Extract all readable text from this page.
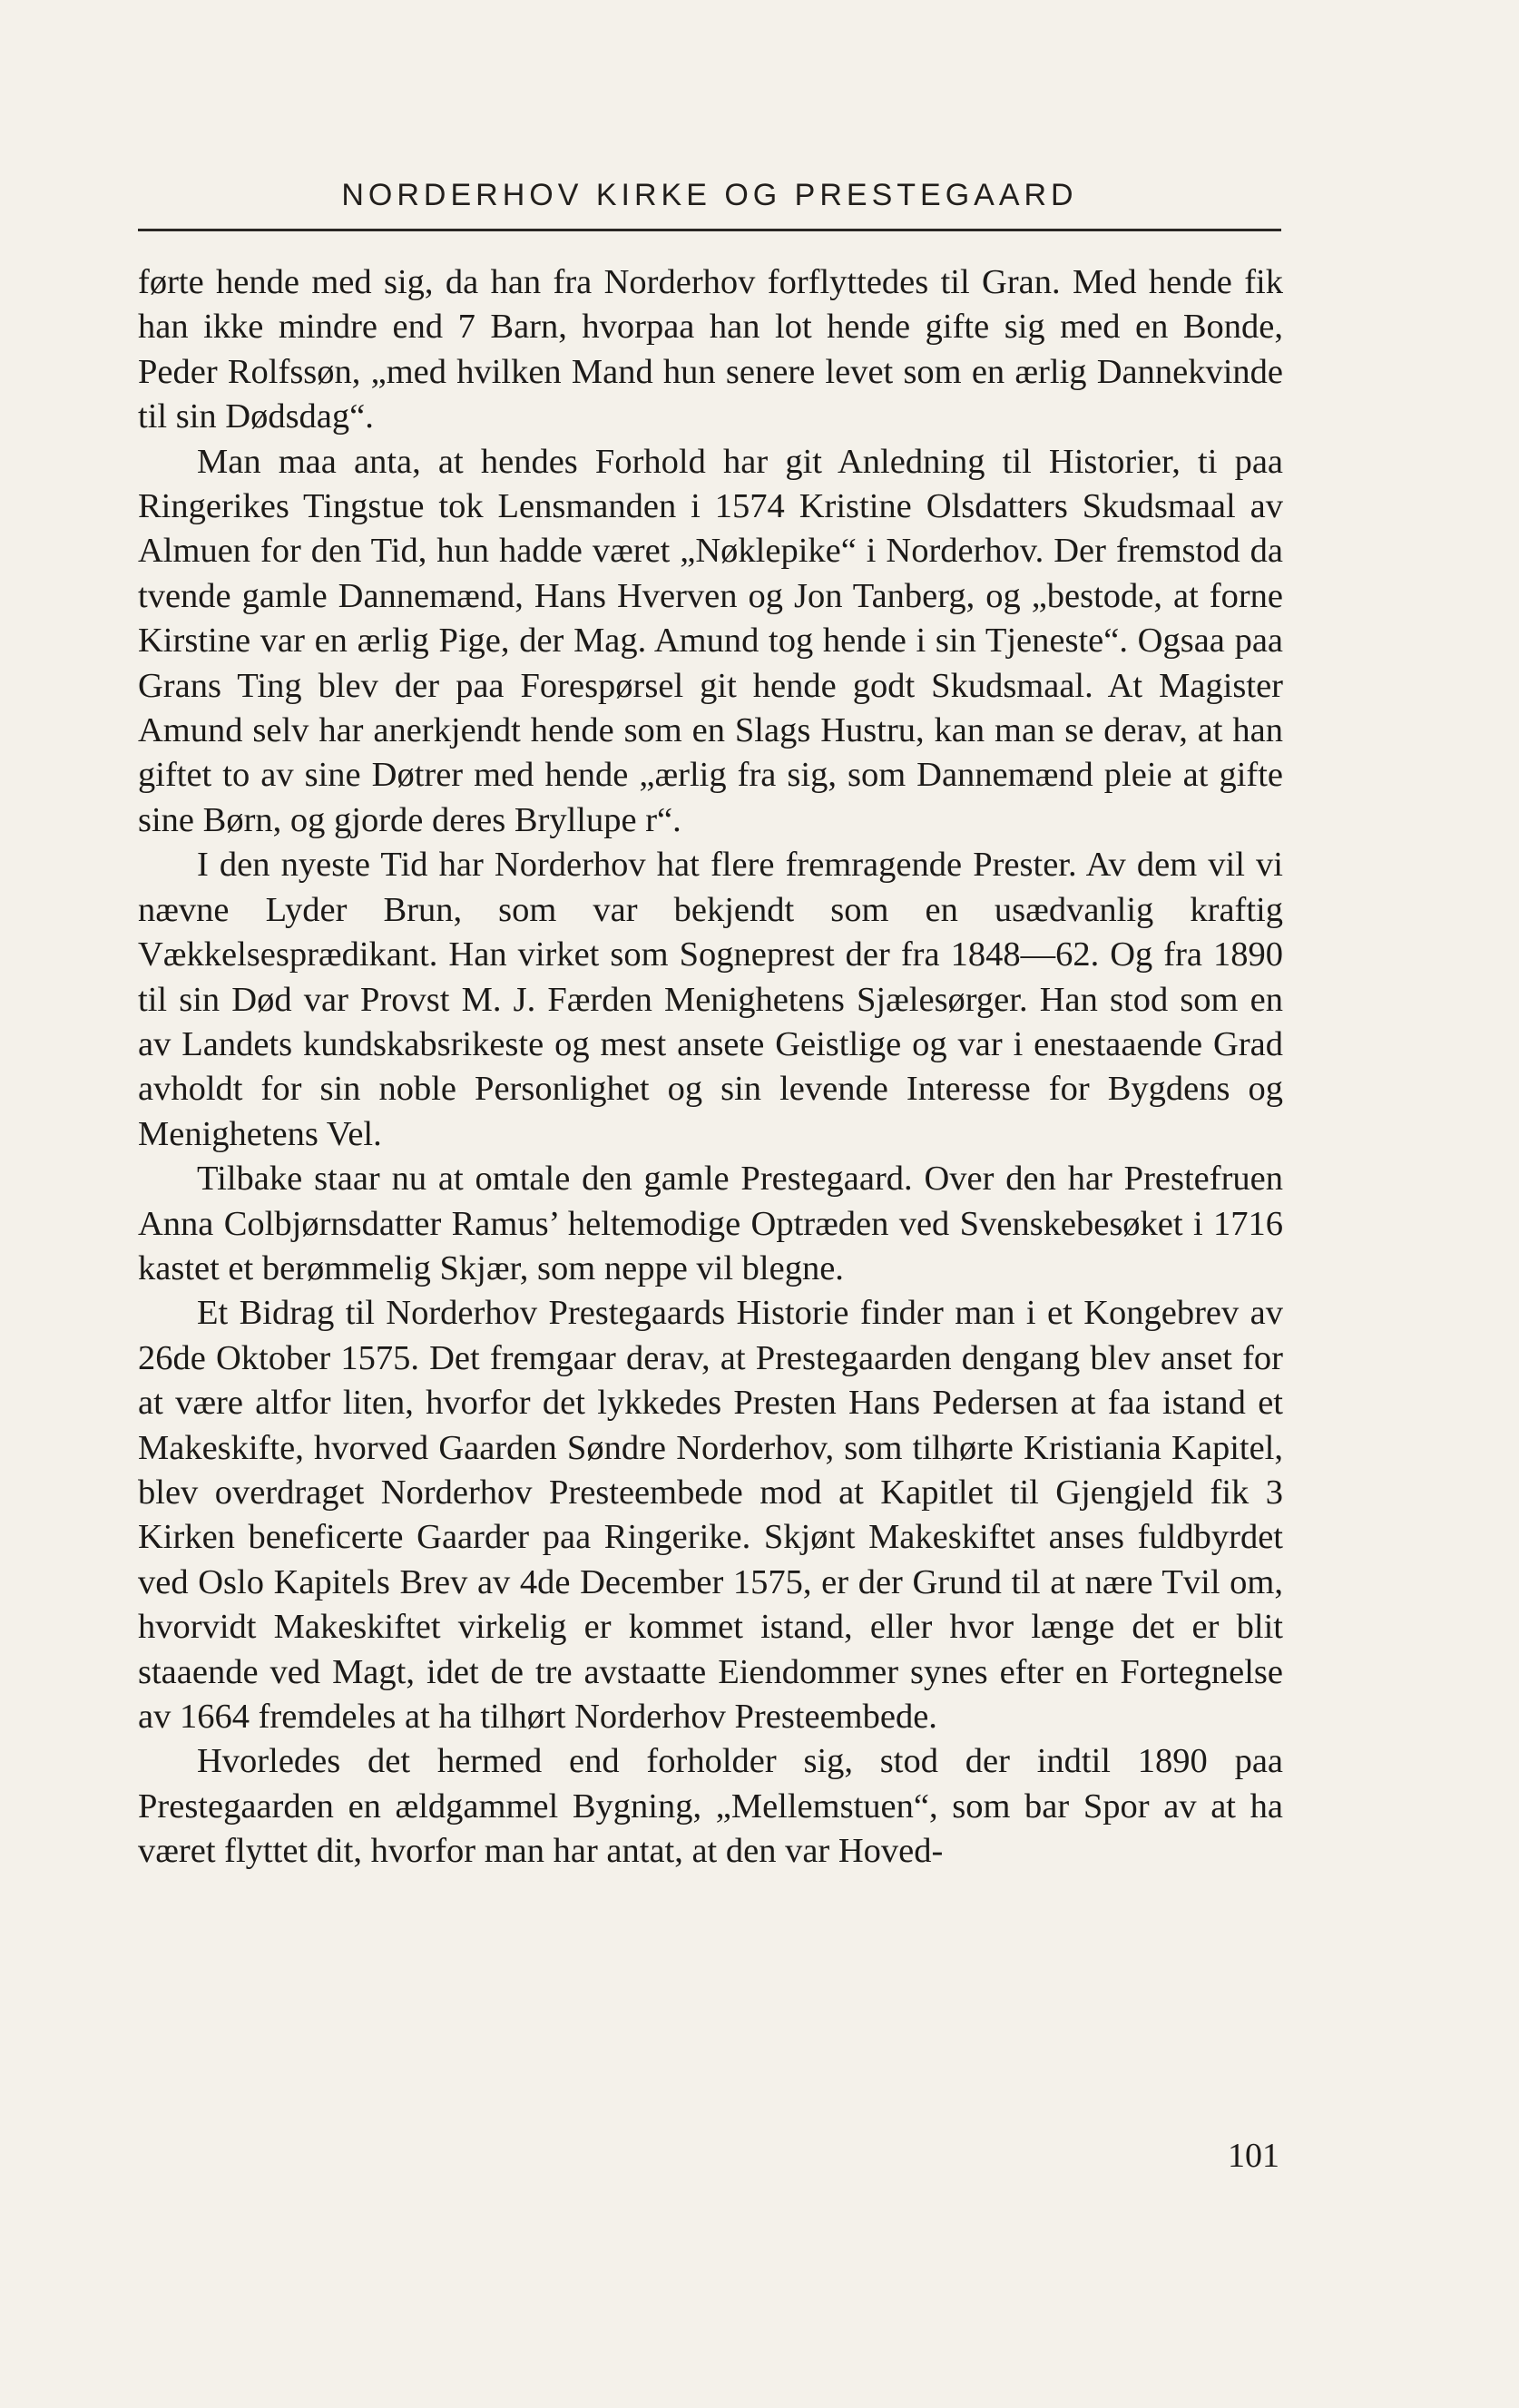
NORDERHOV KIRKE OG PRESTEGAARD

førte hende med sig, da han fra Norderhov forflyttedes til Gran. Med hende fik han ikke mindre end 7 Barn, hvorpaa han lot hende gifte sig med en Bonde, Peder Rolfssøn, „med hvilken Mand hun senere levet som en ærlig Dannekvinde til sin Dødsdag“.

Man maa anta, at hendes Forhold har git Anledning til Historier, ti paa Ringerikes Tingstue tok Lensmanden i 1574 Kristine Olsdatters Skudsmaal av Almuen for den Tid, hun hadde været „Nøklepike“ i Norderhov. Der fremstod da tvende gamle Dannemænd, Hans Hverven og Jon Tanberg, og „bestode, at forne Kirstine var en ærlig Pige, der Mag. Amund tog hende i sin Tjeneste“. Ogsaa paa Grans Ting blev der paa Forespørsel git hende godt Skudsmaal. At Magister Amund selv har anerkjendt hende som en Slags Hustru, kan man se derav, at han giftet to av sine Døtrer med hende „ærlig fra sig, som Dannemænd pleie at gifte sine Børn, og gjorde deres Bryllupe r“.

I den nyeste Tid har Norderhov hat flere fremragende Prester. Av dem vil vi nævne Lyder Brun, som var bekjendt som en usædvanlig kraftig Vækkelsesprædikant. Han virket som Sogneprest der fra 1848—62. Og fra 1890 til sin Død var Provst M. J. Færden Menighetens Sjælesørger. Han stod som en av Landets kundskabsrikeste og mest ansete Geistlige og var i enestaaende Grad avholdt for sin noble Personlighet og sin levende Interesse for Bygdens og Menighetens Vel.

Tilbake staar nu at omtale den gamle Prestegaard. Over den har Prestefruen Anna Colbjørnsdatter Ramus’ heltemodige Optræden ved Svenskebesøket i 1716 kastet et berømmelig Skjær, som neppe vil blegne.

Et Bidrag til Norderhov Prestegaards Historie finder man i et Kongebrev av 26de Oktober 1575. Det fremgaar derav, at Prestegaarden dengang blev anset for at være altfor liten, hvorfor det lykkedes Presten Hans Pedersen at faa istand et Makeskifte, hvorved Gaarden Søndre Norderhov, som tilhørte Kristiania Kapitel, blev overdraget Norderhov Presteembede mod at Kapitlet til Gjengjeld fik 3 Kirken beneficerte Gaarder paa Ringerike. Skjønt Makeskiftet anses fuldbyrdet ved Oslo Kapitels Brev av 4de December 1575, er der Grund til at nære Tvil om, hvorvidt Makeskiftet virkelig er kommet istand, eller hvor længe det er blit staaende ved Magt, idet de tre avstaatte Eiendommer synes efter en Fortegnelse av 1664 fremdeles at ha tilhørt Norderhov Presteembede.

Hvorledes det hermed end forholder sig, stod der indtil 1890 paa Prestegaarden en ældgammel Bygning, „Mellemstuen“, som bar Spor av at ha været flyttet dit, hvorfor man har antat, at den var Hoved-

101
